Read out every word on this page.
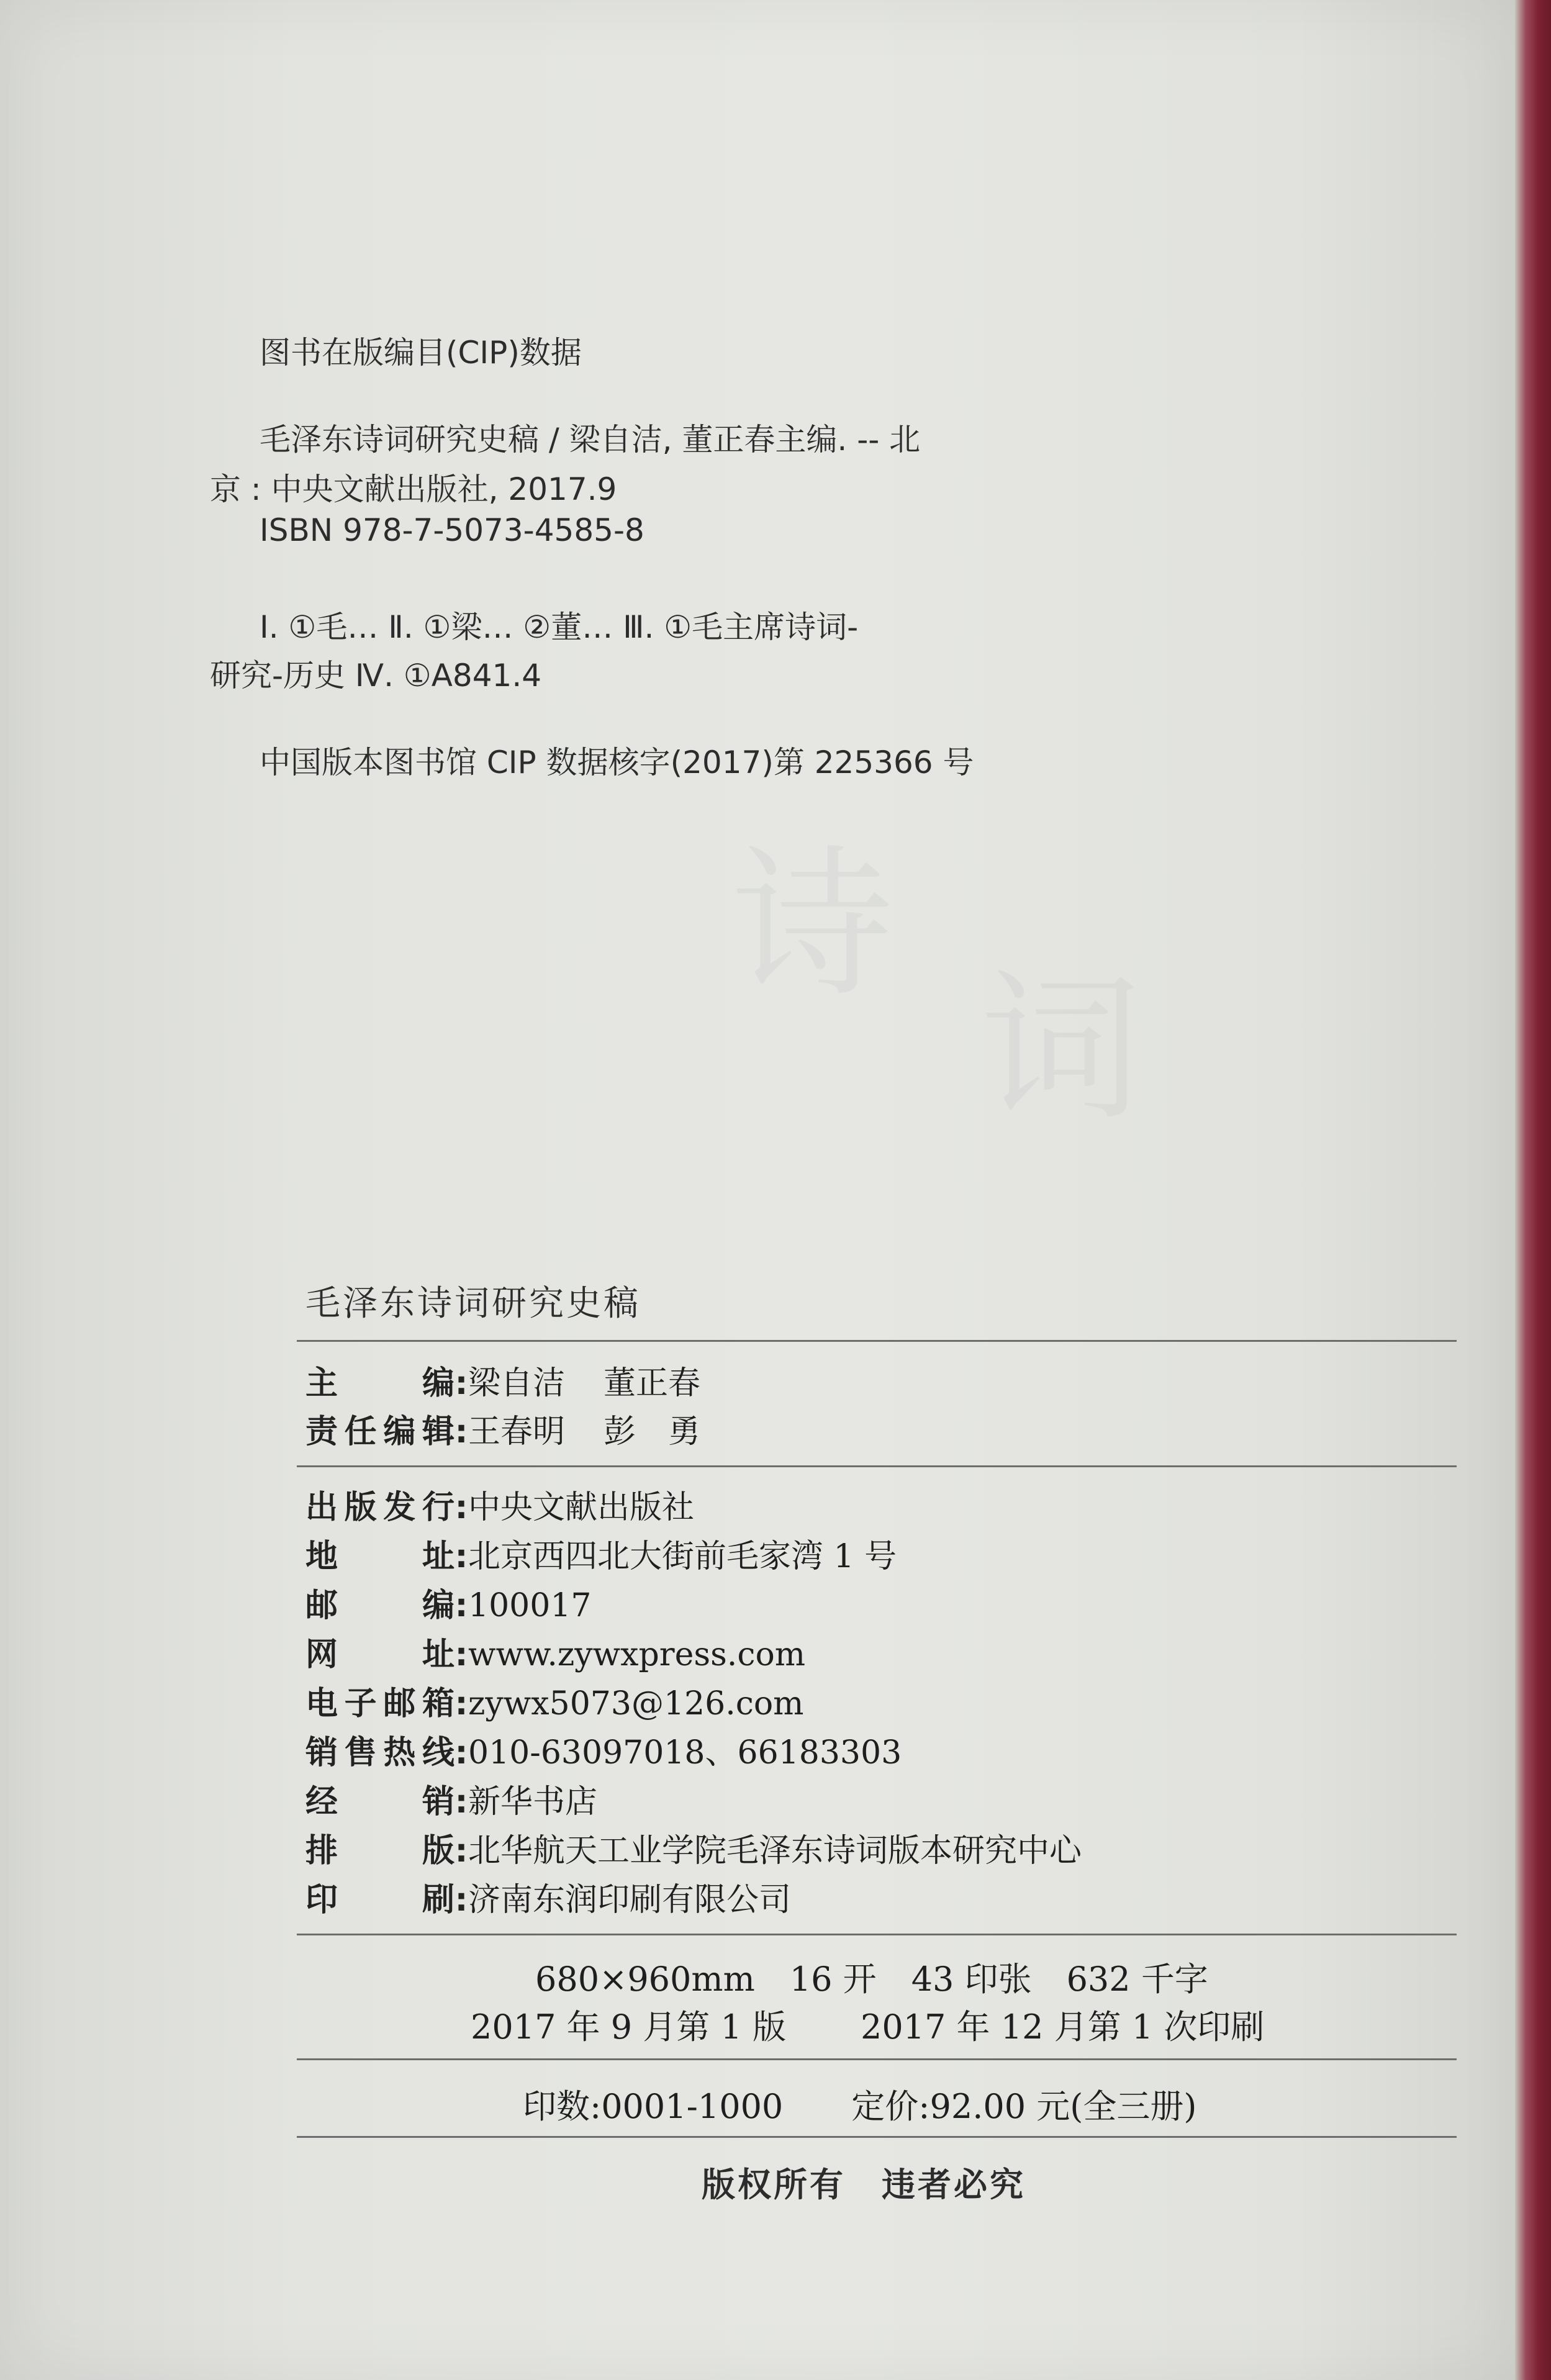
诗
词

图书在版编目(CIP)数据

毛泽东诗词研究史稿 / 梁自洁, 董正春主编. -- 北

京 : 中央文献出版社, 2017.9

ISBN 978-7-5073-4585-8

Ⅰ. ①毛… Ⅱ. ①梁… ②董… Ⅲ. ①毛主席诗词-

研究-历史 Ⅳ. ①A841.4

中国版本图书馆 CIP 数据核字(2017)第 225366 号

毛泽东诗词研究史稿

主	编 : 梁自洁 董正春
责 任 编 辑 : 王春明 彭　勇
出 版 发 行 : 中央文献出版社
地	址 : 北京西四北大街前毛家湾 1 号
邮	编 : 100017
网	址 : www.zywxpress.com
电 子 邮 箱 : zywx5073@126.com
销 售 热 线 : 010-63097018、66183303
经	销 : 新华书店
排	版 : 北华航天工业学院毛泽东诗词版本研究中心
印	刷 : 济南东润印刷有限公司

680×960mm 16 开 43 印张 632 千字

2017 年 9 月第 1 版 2017 年 12 月第 1 次印刷

印数:0001-1000 定价:92.00 元(全三册)

版权所有　违者必究
